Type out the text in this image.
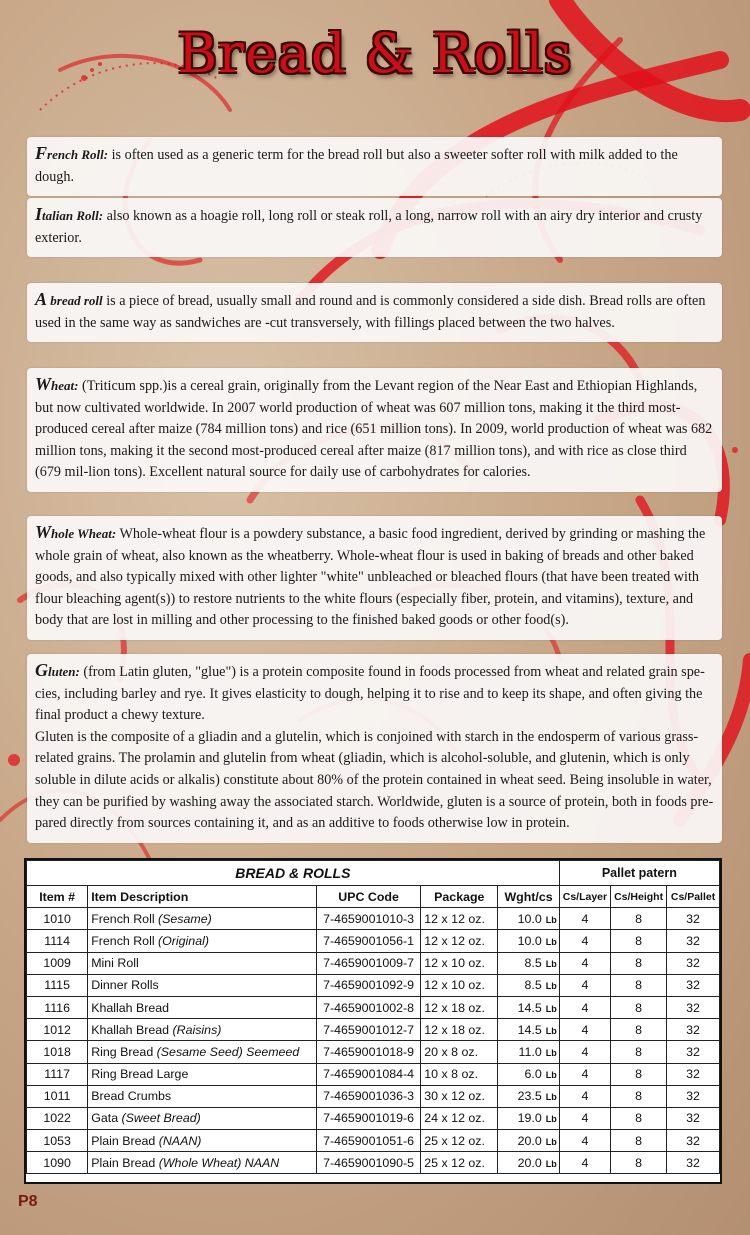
Bread & Rolls
French Roll: is often used as a generic term for the bread roll but also a sweeter softer roll with milk added to the dough.
Italian Roll: also known as a hoagie roll, long roll or steak roll, a long, narrow roll with an airy dry interior and crusty exterior.
A bread roll is a piece of bread, usually small and round and is commonly considered a side dish. Bread rolls are often used in the same way as sandwiches are -cut transversely, with fillings placed between the two halves.
Wheat: (Triticum spp.)is a cereal grain, originally from the Levant region of the Near East and Ethiopian Highlands, but now cultivated worldwide. In 2007 world production of wheat was 607 million tons, making it the third most-produced cereal after maize (784 million tons) and rice (651 million tons). In 2009, world production of wheat was 682 million tons, making it the second most-produced cereal after maize (817 million tons), and with rice as close third (679 mil-lion tons). Excellent natural source for daily use of carbohydrates for calories.
Whole Wheat: Whole-wheat flour is a powdery substance, a basic food ingredient, derived by grinding or mashing the whole grain of wheat, also known as the wheatberry. Whole-wheat flour is used in baking of breads and other baked goods, and also typically mixed with other lighter "white" unbleached or bleached flours (that have been treated with flour bleaching agent(s)) to restore nutrients to the white flours (especially fiber, protein, and vitamins), texture, and body that are lost in milling and other processing to the finished baked goods or other food(s).
Gluten: (from Latin gluten, "glue") is a protein composite found in foods processed from wheat and related grain spe-cies, including barley and rye. It gives elasticity to dough, helping it to rise and to keep its shape, and often giving the final product a chewy texture.
Gluten is the composite of a gliadin and a glutelin, which is conjoined with starch in the endosperm of various grass-related grains. The prolamin and glutelin from wheat (gliadin, which is alcohol-soluble, and glutenin, which is only soluble in dilute acids or alkalis) constitute about 80% of the protein contained in wheat seed. Being insoluble in water, they can be purified by washing away the associated starch. Worldwide, gluten is a source of protein, both in foods pre-pared directly from sources containing it, and as an additive to foods otherwise low in protein.
BREAD & ROLLS					Pallet patern		
Item #	Item Description	UPC Code	Package	Wght/cs	Cs/Layer	Cs/Height	Cs/Pallet
1010	French Roll (Sesame)	7-4659001010-3	12 x 12 oz.	10.0 Lb	4	8	32
1114	French Roll (Original)	7-4659001056-1	12 x 12 oz.	10.0 Lb	4	8	32
1009	Mini Roll	7-4659001009-7	12 x 10 oz.	8.5 Lb	4	8	32
1115	Dinner Rolls	7-4659001092-9	12 x 10 oz.	8.5 Lb	4	8	32
1116	Khallah Bread	7-4659001002-8	12 x 18 oz.	14.5 Lb	4	8	32
1012	Khallah Bread (Raisins)	7-4659001012-7	12 x 18 oz.	14.5 Lb	4	8	32
1018	Ring Bread (Sesame Seed) Seemeed	7-4659001018-9	20 x 8 oz.	11.0 Lb	4	8	32
1117	Ring Bread Large	7-4659001084-4	10 x 8 oz.	6.0 Lb	4	8	32
1011	Bread Crumbs	7-4659001036-3	30 x 12 oz.	23.5 Lb	4	8	32
1022	Gata (Sweet Bread)	7-4659001019-6	24 x 12 oz.	19.0 Lb	4	8	32
1053	Plain Bread (NAAN)	7-4659001051-6	25 x 12 oz.	20.0 Lb	4	8	32
1090	Plain Bread (Whole Wheat) NAAN	7-4659001090-5	25 x 12 oz.	20.0 Lb	4	8	32
P8
